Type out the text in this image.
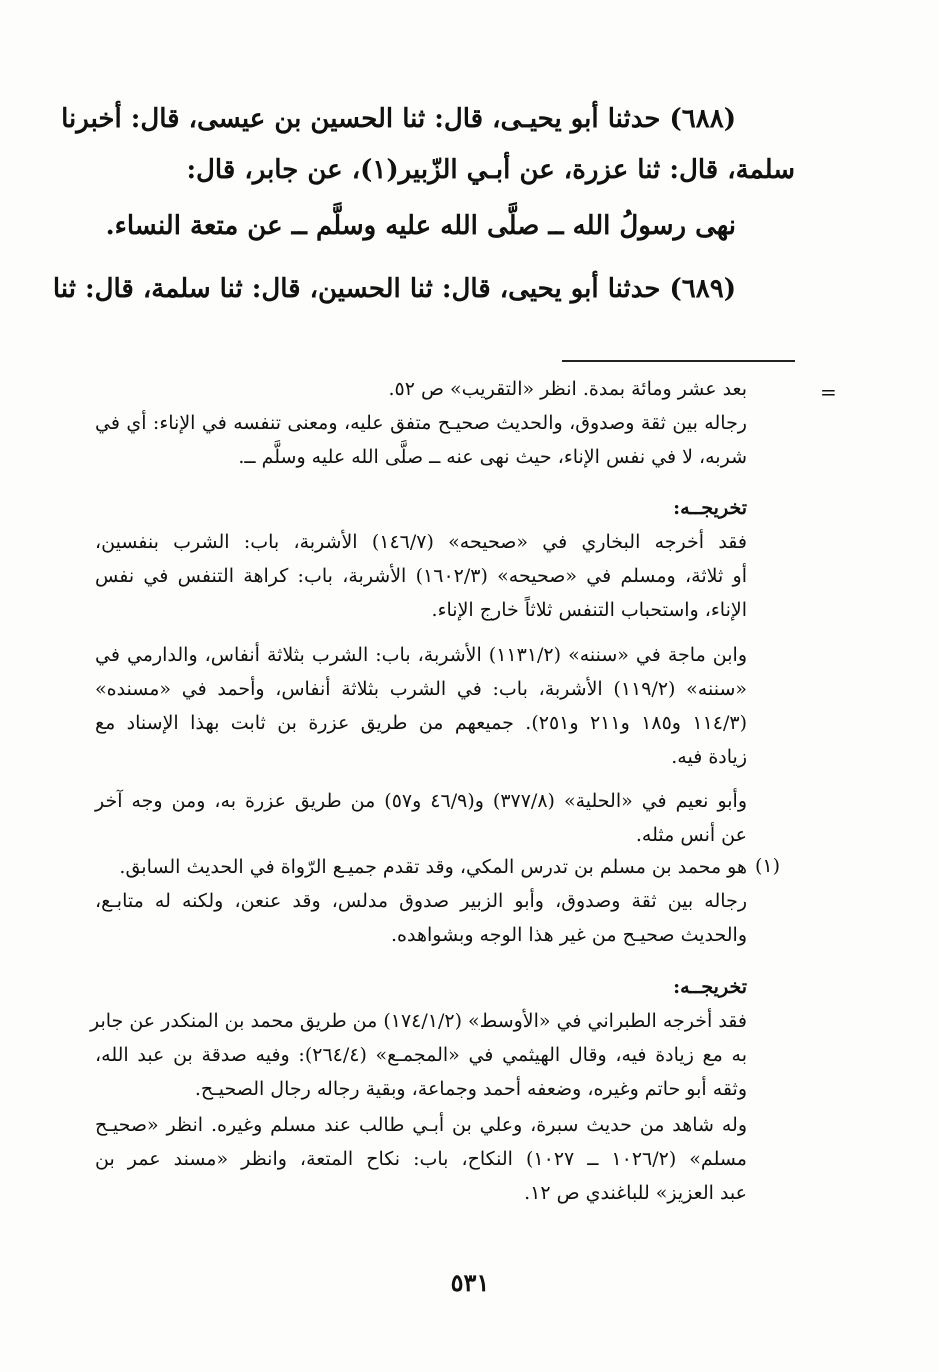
(٦٨٨) حدثنا أبو يحيـى، قال: ثنا الحسين بن عيسى، قال: أخبرنا
سلمة، قال: ثنا عزرة، عن أبـي الزّبير(١)، عن جابر، قال:
نهى رسولُ الله ــ صلَّى الله عليه وسلَّم ــ عن متعة النساء.
(٦٨٩) حدثنا أبو يحيى، قال: ثنا الحسين، قال: ثنا سلمة، قال: ثنا
=
(١)
بعد عشر ومائة بمدة. انظر «التقريب» ص ٥٢.
رجاله بين ثقة وصدوق، والحديث صحيـح متفق عليه، ومعنى تنفسه في الإناء: أي في
شربه، لا في نفس الإناء، حيث نهى عنه ــ صلَّى الله عليه وسلَّم ــ.
تخريجــه:
فقد أخرجه البخاري في «صحيحه» (١٤٦/٧) الأشربة، باب: الشرب بنفسين،
أو ثلاثة، ومسلم في «صحيحه» (١٦٠٢/٣) الأشربة، باب: كراهة التنفس في نفس
الإناء، واستحباب التنفس ثلاثاً خارج الإناء.
وابن ماجة في «سننه» (١١٣١/٢) الأشربة، باب: الشرب بثلاثة أنفاس، والدارمي في
«سننه» (١١٩/٢) الأشربة، باب: في الشرب بثلاثة أنفاس، وأحمد في «مسنده»
(١١٤/٣ و١٨٥ و٢١١ و٢٥١). جميعهم من طريق عزرة بن ثابت بهذا الإسناد مع
زيادة فيه.
وأبو نعيم في «الحلية» (٣٧٧/٨) و(٤٦/٩ و٥٧) من طريق عزرة به، ومن وجه آخر
عن أنس مثله.
هو محمد بن مسلم بن تدرس المكي، وقد تقدم جميـع الرّواة في الحديث السابق.
رجاله بين ثقة وصدوق، وأبو الزبير صدوق مدلس، وقد عنعن، ولكنه له متابـع،
والحديث صحيـح من غير هذا الوجه وبشواهده.
تخريجــه:
فقد أخرجه الطبراني في «الأوسط» (١٧٤/١/٢) من طريق محمد بن المنكدر عن جابر
به مع زيادة فيه، وقال الهيثمي في «المجمـع» (٢٦٤/٤): وفيه صدقة بن عبد الله،
وثقه أبو حاتم وغيره، وضعفه أحمد وجماعة، وبقية رجاله رجال الصحيـح.
وله شاهد من حديث سبرة، وعلي بن أبـي طالب عند مسلم وغيره. انظر «صحيـح
مسلم» (١٠٢٦/٢ ــ ١٠٢٧) النكاح، باب: نكاح المتعة، وانظر «مسند عمر بن
عبد العزيز» للباغندي ص ١٢.
٥٣١
